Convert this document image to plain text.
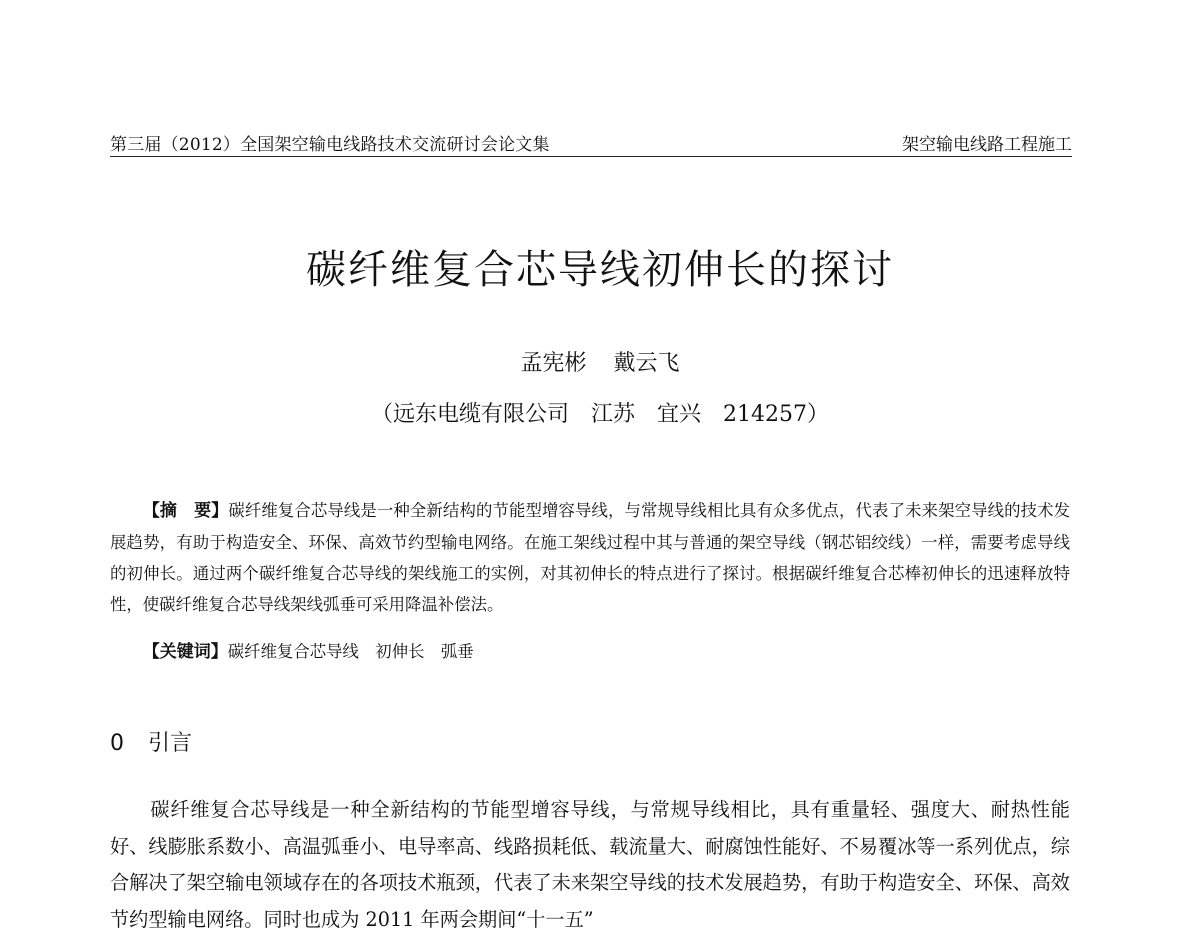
第三届（2012）全国架空输电线路技术交流研讨会论文集	架空输电线路工程施工
碳纤维复合芯导线初伸长的探讨
孟宪彬 戴云飞
（远东电缆有限公司　江苏　宜兴　214257）
【摘　要】碳纤维复合芯导线是一种全新结构的节能型增容导线，与常规导线相比具有众多优点，代表了未来架空导线的技术发展趋势，有助于构造安全、环保、高效节约型输电网络。在施工架线过程中其与普通的架空导线（钢芯铝绞线）一样，需要考虑导线的初伸长。通过两个碳纤维复合芯导线的架线施工的实例，对其初伸长的特点进行了探讨。根据碳纤维复合芯棒初伸长的迅速释放特性，使碳纤维复合芯导线架线弧垂可采用降温补偿法。
【关键词】碳纤维复合芯导线　初伸长　弧垂
0 引言
碳纤维复合芯导线是一种全新结构的节能型增容导线，与常规导线相比，具有重量轻、强度大、耐热性能好、线膨胀系数小、高温弧垂小、电导率高、线路损耗低、载流量大、耐腐蚀性能好、不易覆冰等一系列优点，综合解决了架空输电领域存在的各项技术瓶颈，代表了未来架空导线的技术发展趋势，有助于构造安全、环保、高效节约型输电网络。同时也成为 2011 年两会期间“十一五”
